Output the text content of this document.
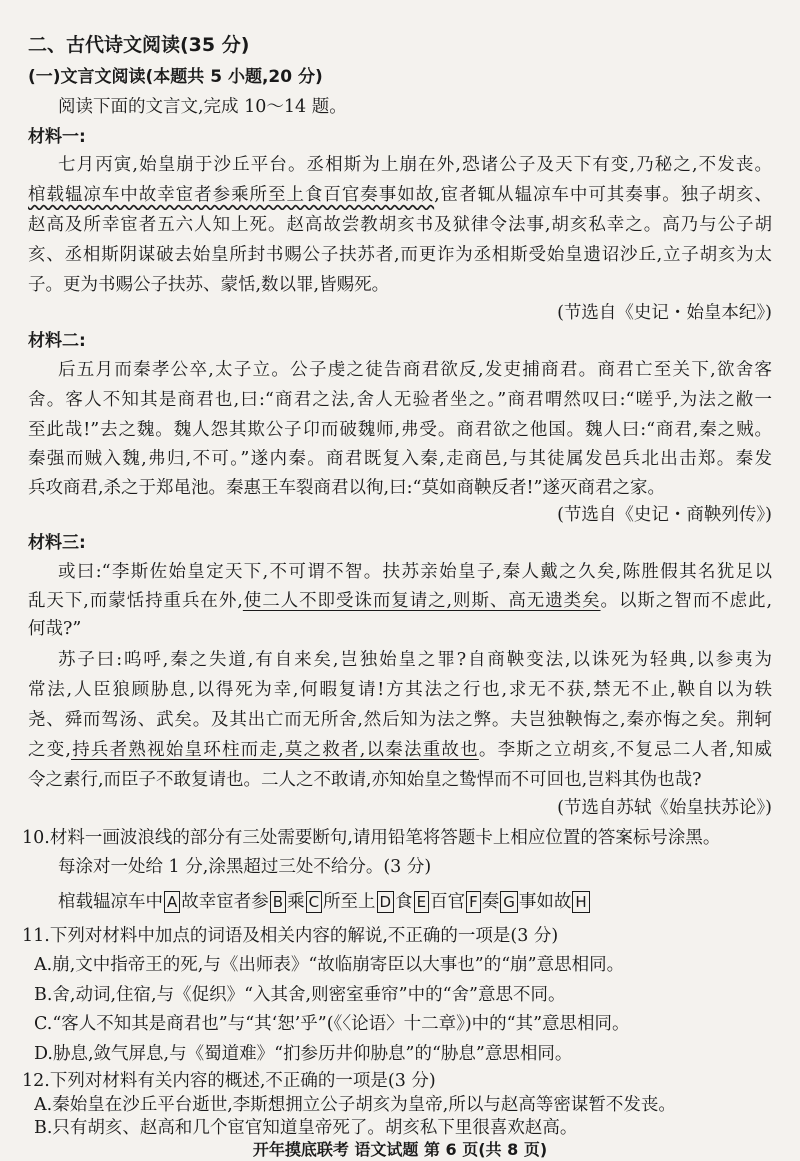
二、古代诗文阅读(35 分)
(一)文言文阅读(本题共 5 小题,20 分)
阅读下面的文言文,完成 10～14 题。
材料一:
七月丙寅,始皇崩于沙丘平台。丞相斯为上崩在外,恐诸公子及天下有变,乃秘之,不发丧。
棺载辒凉车中故幸宦者参乘所至上食百官奏事如故,宦者辄从辒凉车中可其奏事。独子胡亥、
赵高及所幸宦者五六人知上死。赵高故尝教胡亥书及狱律令法事,胡亥私幸之。高乃与公子胡
亥、丞相斯阴谋破去始皇所封书赐公子扶苏者,而更诈为丞相斯受始皇遗诏沙丘,立子胡亥为太
子。更为书赐公子扶苏、蒙恬,数以罪,皆赐死。
(节选自《史记・始皇本纪》)
材料二:
后五月而秦孝公卒,太子立。公子虔之徒告商君欲反,发吏捕商君。商君亡至关下,欲舍客
舍。客人不知其是商君也,曰:“商君之法,舍人无验者坐之。”商君喟然叹曰:“嗟乎,为法之敝一
至此哉!”去之魏。魏人怨其欺公子卬而破魏师,弗受。商君欲之他国。魏人曰:“商君,秦之贼。
秦强而贼入魏,弗归,不可。”遂内秦。商君既复入秦,走商邑,与其徒属发邑兵北出击郑。秦发
兵攻商君,杀之于郑黾池。秦惠王车裂商君以徇,曰:“莫如商鞅反者!”遂灭商君之家。
(节选自《史记・商鞅列传》)
材料三:
或曰:“李斯佐始皇定天下,不可谓不智。扶苏亲始皇子,秦人戴之久矣,陈胜假其名犹足以
乱天下,而蒙恬持重兵在外,使二人不即受诛而复请之,则斯、高无遗类矣。以斯之智而不虑此,
何哉?”
苏子曰:呜呼,秦之失道,有自来矣,岂独始皇之罪?自商鞅变法,以诛死为轻典,以参夷为
常法,人臣狼顾胁息,以得死为幸,何暇复请!方其法之行也,求无不获,禁无不止,鞅自以为轶
尧、舜而驾汤、武矣。及其出亡而无所舍,然后知为法之弊。夫岂独鞅悔之,秦亦悔之矣。荆轲
之变,持兵者熟视始皇环柱而走,莫之救者,以秦法重故也。李斯之立胡亥,不复忌二人者,知威
令之素行,而臣子不敢复请也。二人之不敢请,亦知始皇之鸷悍而不可回也,岂料其伪也哉?
(节选自苏轼《始皇扶苏论》)
10.材料一画波浪线的部分有三处需要断句,请用铅笔将答题卡上相应位置的答案标号涂黑。
每涂对一处给 1 分,涂黑超过三处不给分。(3 分)
棺载辒凉车中 A 故幸宦者参 B 乘 C 所至上 D 食 E 百官 F 奏 G 事如故 H
11.下列对材料中加点的词语及相关内容的解说,不正确的一项是(3 分)
A.崩,文中指帝王的死,与《出师表》“故临崩寄臣以大事也”的“崩”意思相同。
B.舍,动词,住宿,与《促织》“入其舍,则密室垂帘”中的“舍”意思不同。
C.“客人不知其是商君也”与“其‘恕’乎”(《〈论语〉十二章》)中的“其”意思相同。
D.胁息,敛气屏息,与《蜀道难》“扪参历井仰胁息”的“胁息”意思相同。
12.下列对材料有关内容的概述,不正确的一项是(3 分)
A.秦始皇在沙丘平台逝世,李斯想拥立公子胡亥为皇帝,所以与赵高等密谋暂不发丧。
开年摸底联考 语文试题 第 6 页(共 8 页)
B.只有胡亥、赵高和几个宦官知道皇帝死了。胡亥私下里很喜欢赵高。
